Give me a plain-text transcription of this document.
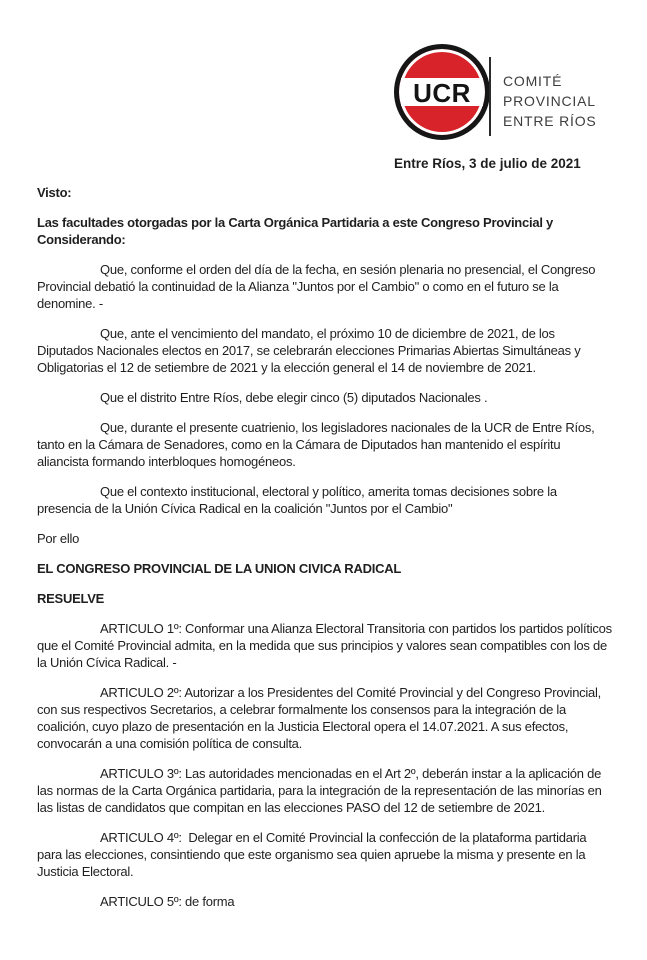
UCR COMITÉ
PROVINCIAL
ENTRE RÍOS
Entre Ríos, 3 de julio de 2021

Visto:

Las facultades otorgadas por la Carta Orgánica Partidaria a este Congreso Provincial y Considerando:

Que, conforme el orden del día de la fecha, en sesión plenaria no presencial, el Congreso Provincial debatió la continuidad de la Alianza "Juntos por el Cambio" o como en el futuro se la denomine. -

Que, ante el vencimiento del mandato, el próximo 10 de diciembre de 2021, de los Diputados Nacionales electos en 2017, se celebrarán elecciones Primarias Abiertas Simultáneas y Obligatorias el 12 de setiembre de 2021 y la elección general el 14 de noviembre de 2021.

Que el distrito Entre Ríos, debe elegir cinco (5) diputados Nacionales .

Que, durante el presente cuatrienio, los legisladores nacionales de la UCR de Entre Ríos, tanto en la Cámara de Senadores, como en la Cámara de Diputados han mantenido el espíritu aliancista formando interbloques homogéneos.

Que el contexto institucional, electoral y político, amerita tomas decisiones sobre la presencia de la Unión Cívica Radical en la coalición "Juntos por el Cambio"

Por ello

EL CONGRESO PROVINCIAL DE LA UNION CIVICA RADICAL

RESUELVE

ARTICULO 1º: Conformar una Alianza Electoral Transitoria con partidos los partidos políticos que el Comité Provincial admita, en la medida que sus principios y valores sean compatibles con los de la Unión Cívica Radical. -

ARTICULO 2º: Autorizar a los Presidentes del Comité Provincial y del Congreso Provincial, con sus respectivos Secretarios, a celebrar formalmente los consensos para la integración de la coalición, cuyo plazo de presentación en la Justicia Electoral opera el 14.07.2021. A sus efectos, convocarán a una comisión política de consulta.

ARTICULO 3º: Las autoridades mencionadas en el Art 2º, deberán instar a la aplicación de las normas de la Carta Orgánica partidaria, para la integración de la representación de las minorías en las listas de candidatos que compitan en las elecciones PASO del 12 de setiembre de 2021.

ARTICULO 4º:  Delegar en el Comité Provincial la confección de la plataforma partidaria para las elecciones, consintiendo que este organismo sea quien apruebe la misma y presente en la Justicia Electoral.

ARTICULO 5º: de forma
